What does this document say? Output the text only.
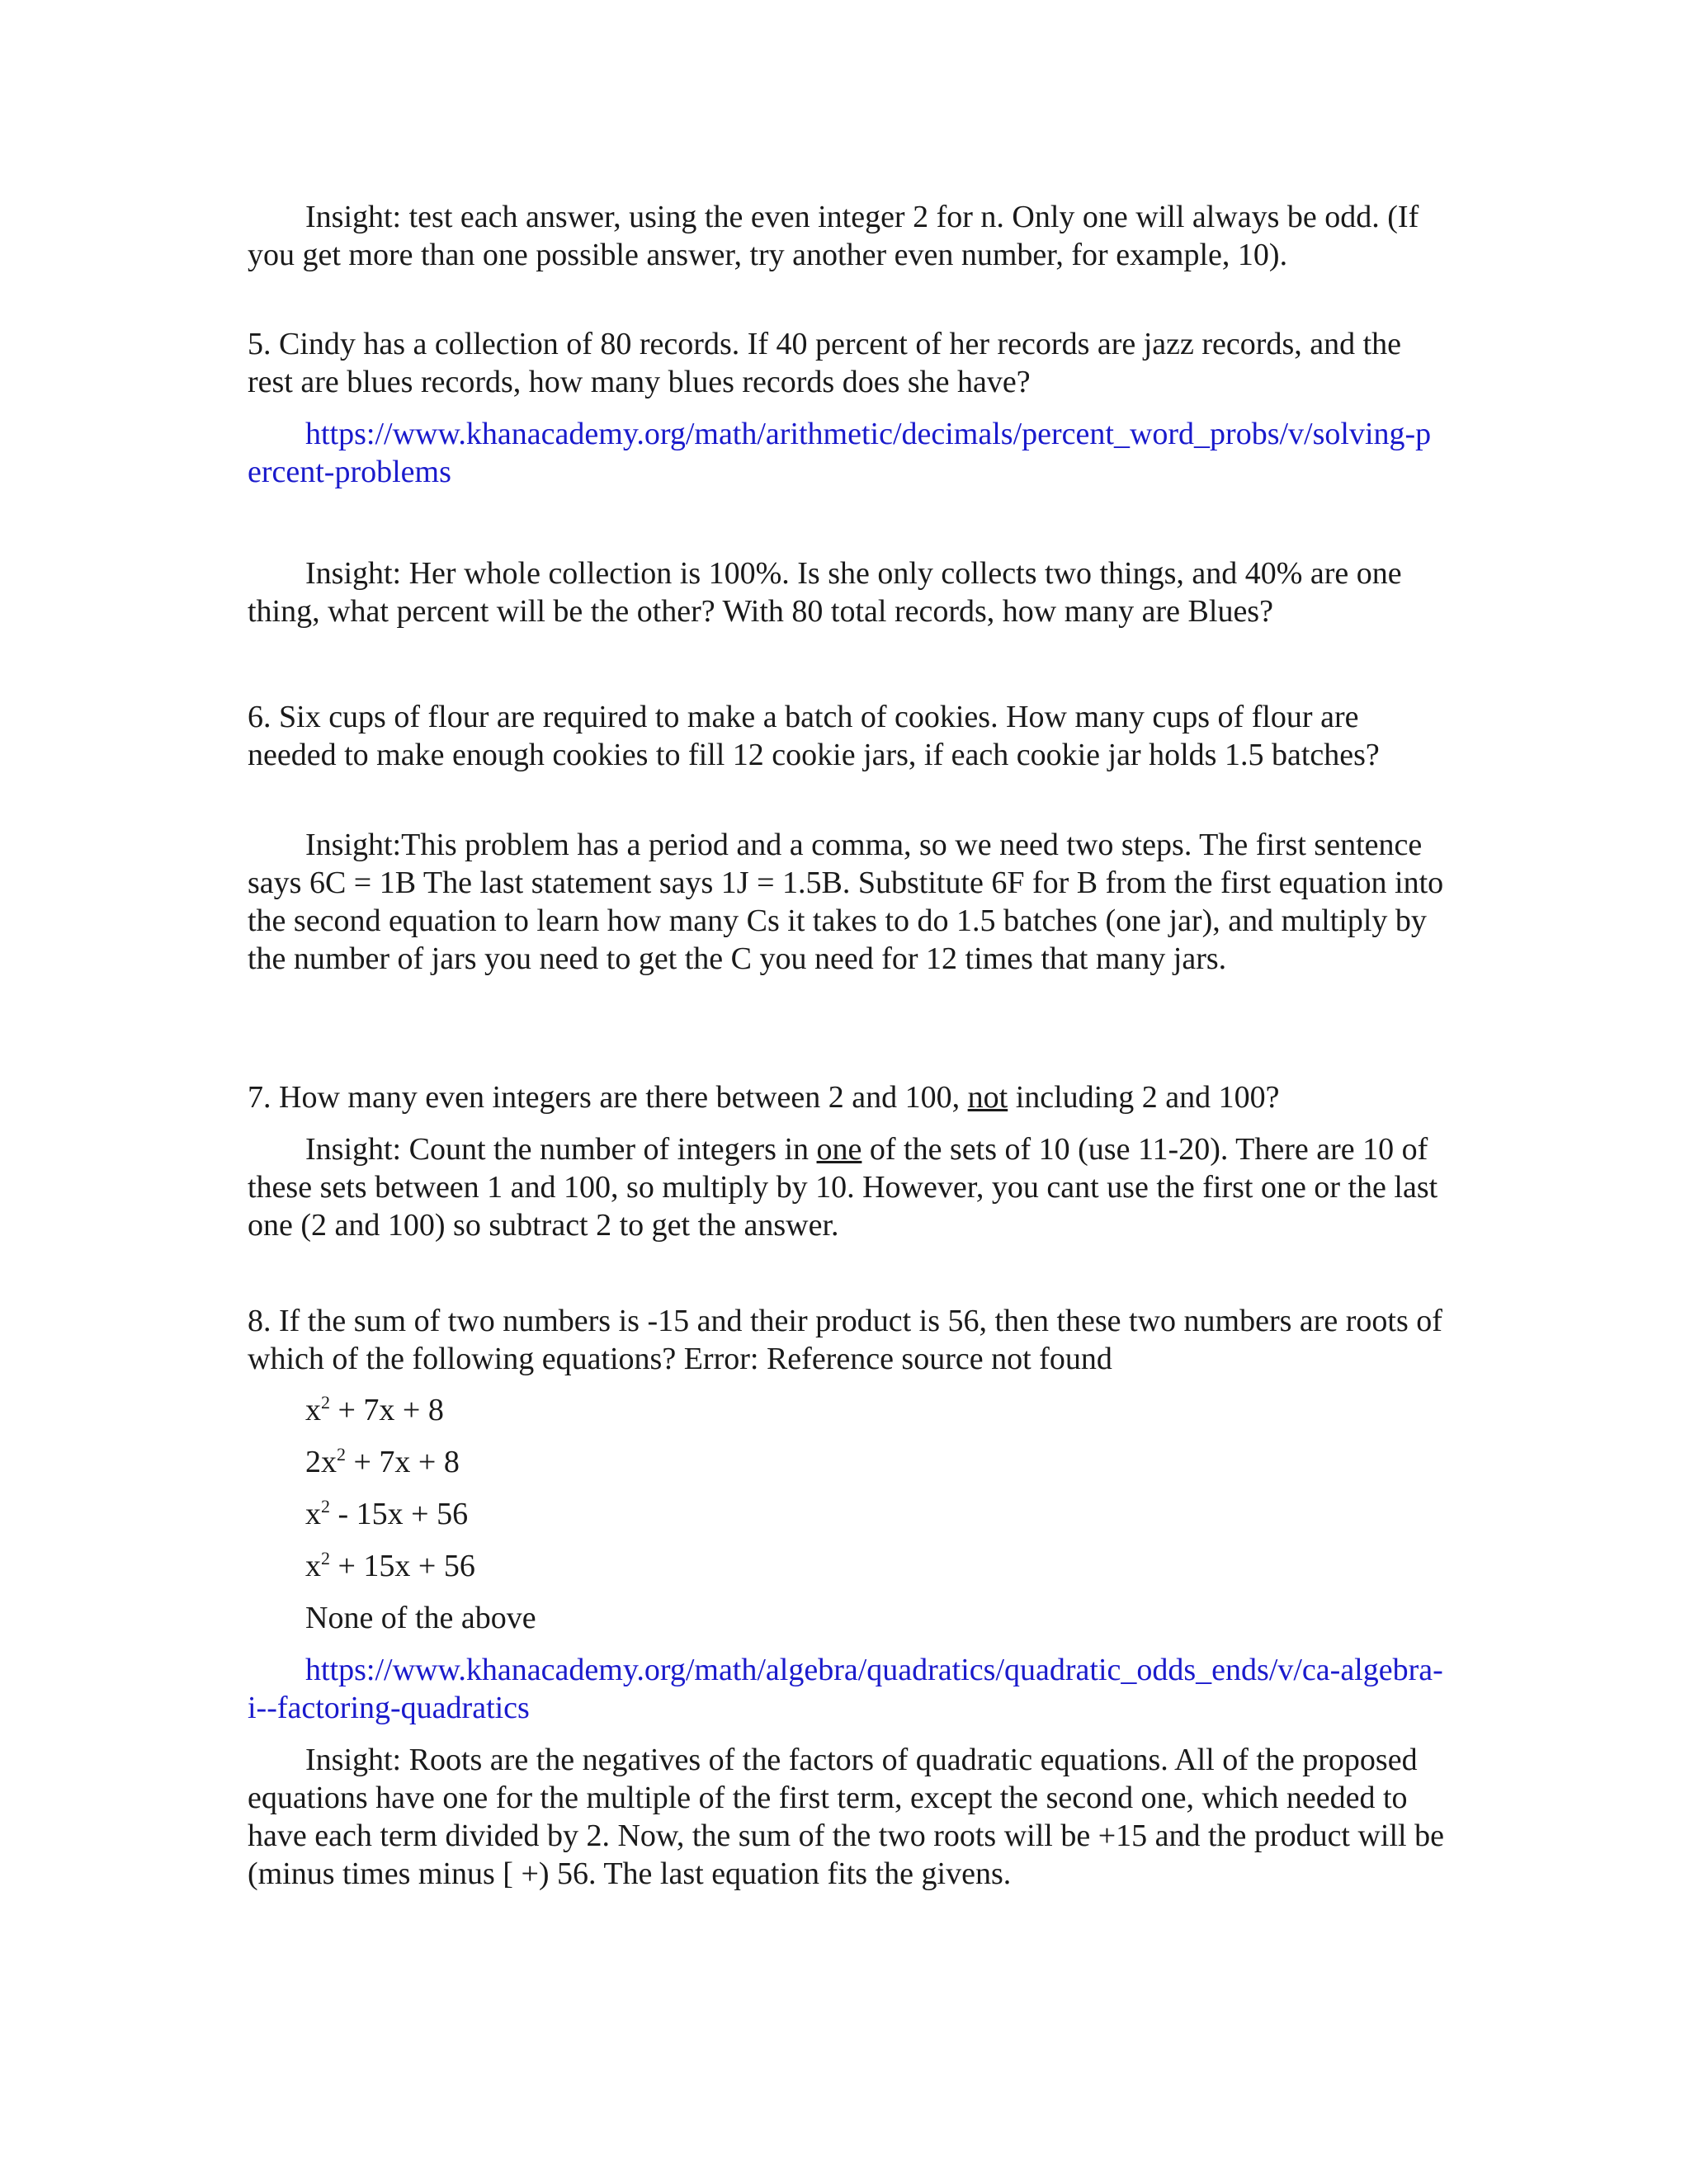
Insight: test each answer, using the even integer 2 for n. Only one will always be odd. (If you get more than one possible answer, try another even number, for example, 10).

5. Cindy has a collection of 80 records. If 40 percent of her records are jazz records, and the rest are blues records, how many blues records does she have?

https://www.khanacademy.org/math/arithmetic/decimals/percent_word_probs/v/solving-percent-problems

Insight: Her whole collection is 100%. Is she only collects two things, and 40% are one thing, what percent will be the other? With 80 total records, how many are Blues?

6. Six cups of flour are required to make a batch of cookies. How many cups of flour are needed to make enough cookies to fill 12 cookie jars, if each cookie jar holds 1.5 batches?

Insight:This problem has a period and a comma, so we need two steps. The first sentence says 6C = 1B The last statement says 1J = 1.5B. Substitute 6F for B from the first equation into the second equation to learn how many Cs it takes to do 1.5 batches (one jar), and multiply by the number of jars you need to get the C you need for 12 times that many jars.

7. How many even integers are there between 2 and 100, not including 2 and 100?

Insight: Count the number of integers in one of the sets of 10 (use 11-20). There are 10 of these sets between 1 and 100, so multiply by 10. However, you cant use the first one or the last one (2 and 100) so subtract 2 to get the answer.

8. If the sum of two numbers is -15 and their product is 56, then these two numbers are roots of which of the following equations? Error: Reference source not found

$x^2 + 7x + 8$

$2x^2 + 7x + 8$

$x^2 - 15x + 56$

$x^2 + 15x + 56$

None of the above

https://www.khanacademy.org/math/algebra/quadratics/quadratic_odds_ends/v/ca-algebra-i--factoring-quadratics

Insight: Roots are the negatives of the factors of quadratic equations. All of the proposed equations have one for the multiple of the first term, except the second one, which needed to have each term divided by 2. Now, the sum of the two roots will be +15 and the product will be (minus times minus [ +) 56. The last equation fits the givens.
